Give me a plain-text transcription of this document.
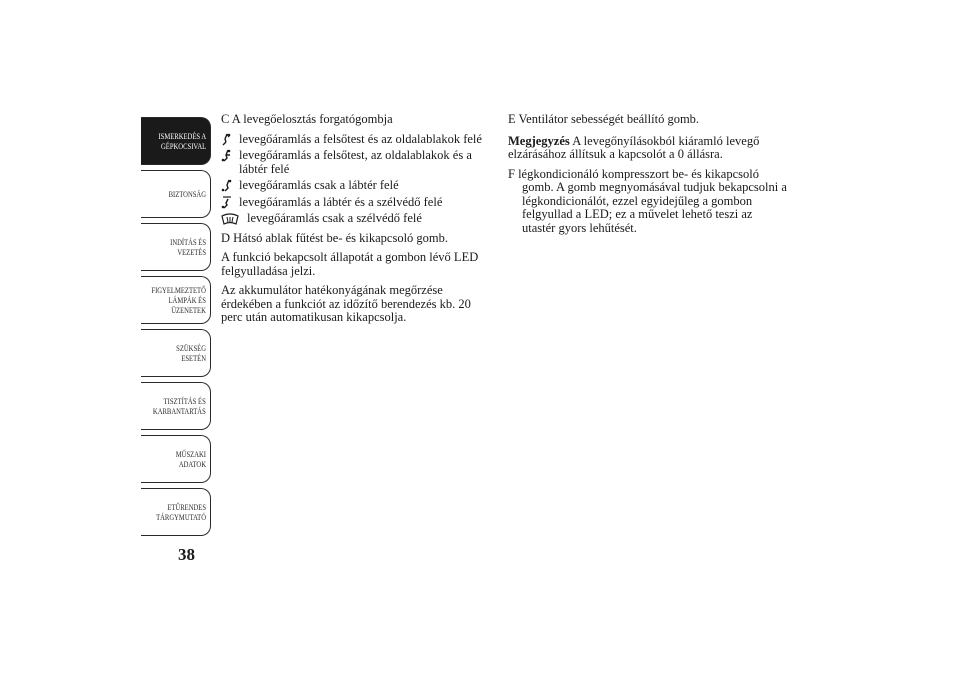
ISMERKEDÉS A
GÉPKOCSIVAL
BIZTONSÁG
INDÍTÁS ÉS
VEZETÉS
FIGYELMEZTETŐ
LÁMPÁK ÉS
ÜZENETEK
SZÜKSÉG ESETÉN
TISZTÍTÁS ÉS
KARBANTARTÁS
MŰSZAKI ADATOK
ETŰRENDES
TÁRGYMUTATÓ
38

C A levegőelosztás forgatógombja

levegőáramlás a felsőtest és az oldalablakok felé
levegőáramlás a felsőtest, az oldalablakok és a lábtér felé
levegőáramlás csak a lábtér felé
levegőáramlás a lábtér és a szélvédő felé
levegőáramlás csak a szélvédő felé

D Hátsó ablak fűtést be- és kikapcsoló gomb.

A funkció bekapcsolt állapotát a gombon lévő LED felgyulladása jelzi.

Az akkumulátor hatékonyágának megőrzése érdekében a funkciót az időzítő berendezés kb. 20 perc után automatikusan kikapcsolja.

E Ventilátor sebességét beállító gomb.

Megjegyzés A levegőnyílásokból kiáramló levegő elzárásához állítsuk a kapcsolót a 0 állásra.

F légkondicionáló kompresszort be- és kikapcsoló gomb. A gomb megnyomásával tudjuk bekapcsolni a légkondicionálót, ezzel egyidejűleg a gombon felgyullad a LED; ez a művelet lehető teszi az utastér gyors lehűtését.
